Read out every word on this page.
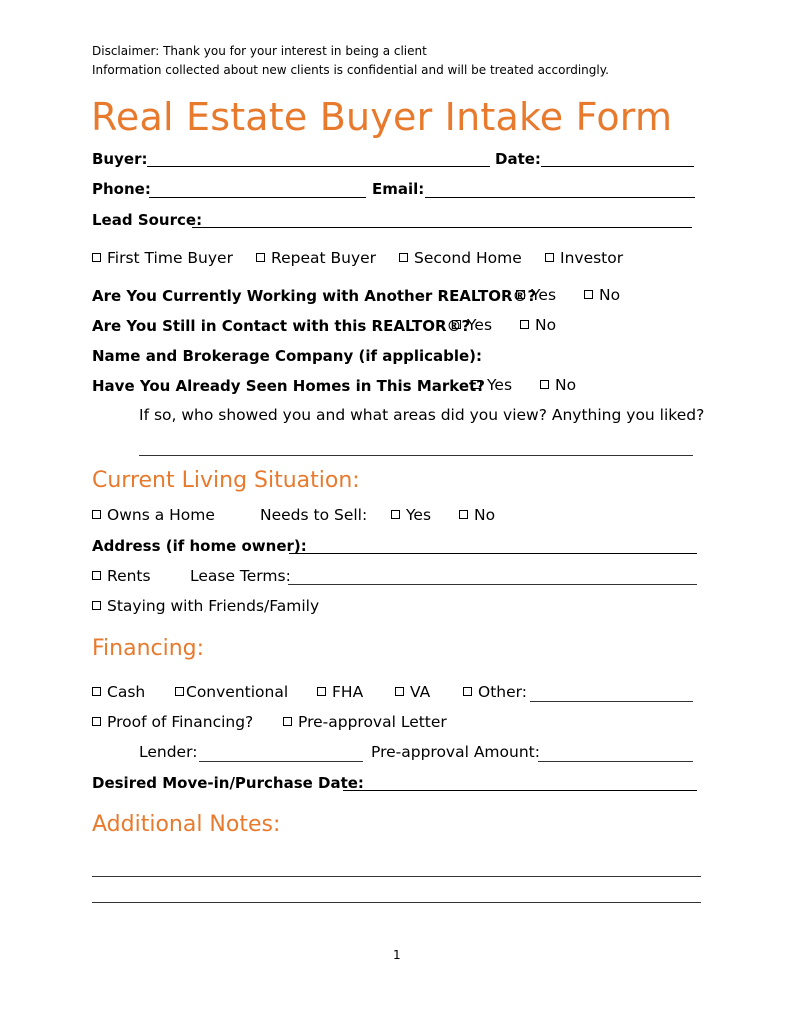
Disclaimer: Thank you for your interest in being a client
Information collected about new clients is confidential and will be treated accordingly.
Real Estate Buyer Intake Form
Buyer:	Date:
Phone:	Email:
Lead Source:
First Time Buyer	Repeat Buyer	Second Home	Investor
Are You Currently Working with Another REALTOR®?
Yes	No
Are You Still in Contact with this REALTOR®?
Yes	No
Name and Brokerage Company (if applicable):
Have You Already Seen Homes in This Market? Yes	No
If so, who showed you and what areas did you view? Anything you liked?
Current Living Situation:
Owns a Home	Needs to Sell:	Yes	No
Address (if home owner):
Rents	Lease Terms:
Staying with Friends/Family
Financing:
Cash	Conventional	FHA	VA	Other:
Proof of Financing?	Pre-approval Letter
Lender:	Pre-approval Amount:
Desired Move-in/Purchase Date:
Additional Notes:
1
